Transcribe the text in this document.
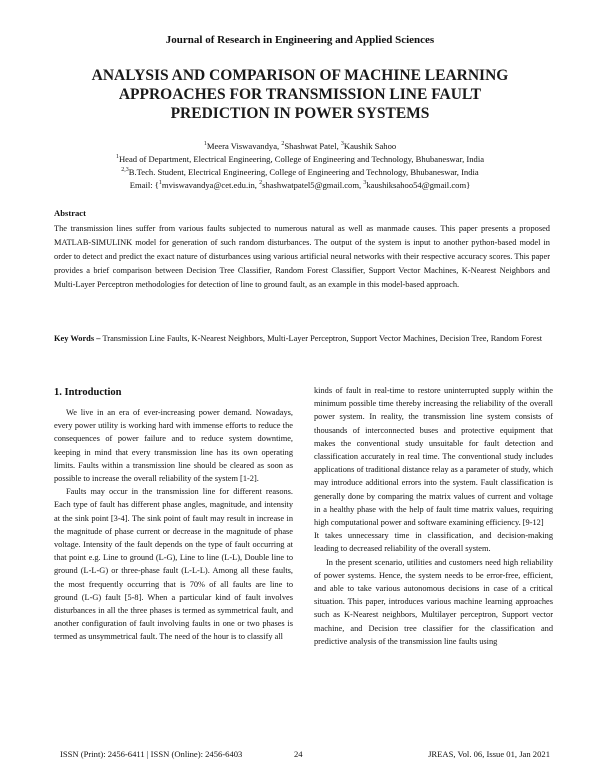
Journal of Research in Engineering and Applied Sciences
ANALYSIS AND COMPARISON OF MACHINE LEARNING
APPROACHES FOR TRANSMISSION LINE FAULT
PREDICTION IN POWER SYSTEMS
$^1$Meera Viswavandya, $^2$Shashwat Patel, $^3$Kaushik Sahoo
$^1$Head of Department, Electrical Engineering, College of Engineering and Technology, Bhubaneswar, India
$^{2,3}$B.Tech. Student, Electrical Engineering, College of Engineering and Technology, Bhubaneswar, India
Email: {$^1$mviswavandya@cet.edu.in, $^2$shashwatpatel5@gmail.com, $^3$kaushiksahoo54@gmail.com}
Abstract
The transmission lines suffer from various faults subjected to numerous natural as well as manmade causes. This paper presents a proposed MATLAB-SIMULINK model for generation of such random disturbances. The output of the system is input to another python-based model in order to detect and predict the exact nature of disturbances using various artificial neural networks with their respective accuracy scores. This paper provides a brief comparison between Decision Tree Classifier, Random Forest Classifier, Support Vector Machines, K-Nearest Neighbors and Multi-Layer Perceptron methodologies for detection of line to ground fault, as an example in this model-based approach.
Key Words – Transmission Line Faults, K-Nearest Neighbors, Multi-Layer Perceptron, Support Vector Machines, Decision Tree, Random Forest
1. Introduction

We live in an era of ever-increasing power demand. Nowadays, every power utility is working hard with immense efforts to reduce the consequences of power failure and to reduce system downtime, keeping in mind that every transmission line has its own operating limits. Faults within a transmission line should be cleared as soon as possible to increase the overall reliability of the system [1-2].

Faults may occur in the transmission line for different reasons. Each type of fault has different phase angles, magnitude, and intensity at the sink point [3-4]. The sink point of fault may result in increase in the magnitude of phase current or decrease in the magnitude of phase voltage. Intensity of the fault depends on the type of fault occurring at that point e.g. Line to ground (L-G), Line to line (L-L), Double line to ground (L-L-G) or three-phase fault (L-L-L). Among all these faults, the most frequently occurring that is 70% of all faults are line to ground (L-G) fault [5-8]. When a particular kind of fault involves disturbances in all the three phases is termed as symmetrical fault, and another configuration of fault involving faults in one or two phases is termed as unsymmetrical fault. The need of the hour is to classify all

kinds of fault in real-time to restore uninterrupted supply within the minimum possible time thereby increasing the reliability of the overall power system. In reality, the transmission line system consists of thousands of interconnected buses and protective equipment that makes the conventional study unsuitable for fault detection and classification accurately in real time. The conventional study includes applications of traditional distance relay as a parameter of study, which may introduce additional errors into the system. Fault classification is generally done by comparing the matrix values of current and voltage in a healthy phase with the help of fault time matrix values, requiring high computational power and software examining efficiency. [9-12]

It takes unnecessary time in classification, and decision-making leading to decreased reliability of the overall system.

In the present scenario, utilities and customers need high reliability of power systems. Hence, the system needs to be error-free, efficient, and able to take various autonomous decisions in case of a critical situation. This paper, introduces various machine learning approaches such as K-Nearest neighbors, Multilayer perceptron, Support vector machine, and Decision tree classifier for the classification and predictive analysis of the transmission line faults using

ISSN (Print): 2456-6411 | ISSN (Online): 2456-6403	24	JREAS, Vol. 06, Issue 01, Jan 2021
